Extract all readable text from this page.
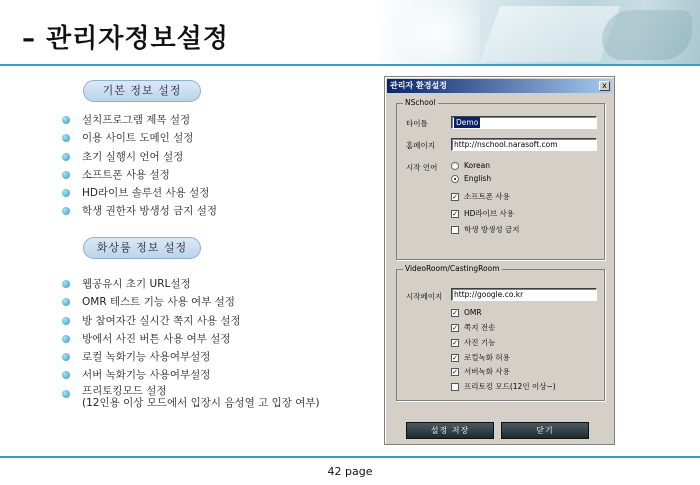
– 관리자정보설정
기본 정보 설정
설치프로그램 제목 설정
이용 사이트 도메인 설정
초기 실행시 언어 설정
소프트폰 사용 설정
HD라이브 솔루션 사용 설정
학생 권한자 방생성 금지 설정
화상룸 정보 설정
웹공유시 초기 URL설정
OMR 테스트 기능 사용 여부 설정
방 참여자간 실시간 쪽지 사용 설정
방에서 사진 버튼 사용 여부 설정
로컬 녹화기능 사용여부설정
서버 녹화기능 사용여부설정
프리토킹모드 설정
(12인용 이상 모드에서 입장시 음성열 고 입장 여부)
관리자 환경설정	x
NSchool
타이틀	Demo
홈페이지	http://nschool.narasoft.com
시작 언어	Korean
English
✓ 소프트폰 사용
✓ HD라이브 사용
학생 방생성 금지
VideoRoom/CastingRoom
시작페이지	http://google.co.kr
✓ OMR
✓ 쪽지 전송
✓ 사진 기능
✓ 로컬녹화 허용
✓ 서버녹화 사용
프리토킹 모드(12인 이상~)
설정 저장	닫기
42 page
